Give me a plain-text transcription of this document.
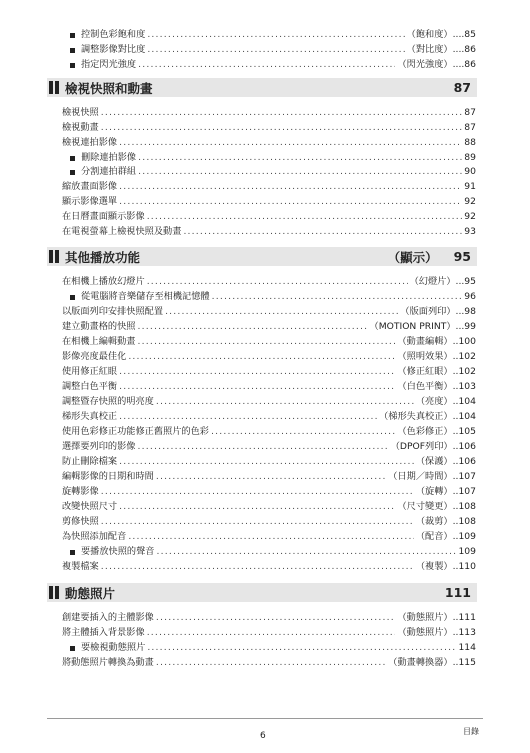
控制色彩飽和度 .....	（飽和度） .... 85
調整影像對比度 .....	（對比度） .... 86
指定閃光強度 .....	（閃光強度） .... 86
檢視快照和動畫	87
檢視快照 .....	87
檢視動畫 .....	87
檢視連拍影像 .....	88
刪除連拍影像 .....	89
分割連拍群組 .....	90
縮放畫面影像 .....	91
顯示影像選單 .....	92
在日曆畫面顯示影像 .....	92
在電視螢幕上檢視快照及動畫 .....	93
其他播放功能	（顯示） 95
在相機上播放幻燈片 .....	（幻燈片） ... 95
從電腦將音樂儲存至相機記憶體 .....	96
以版面列印安排快照配置 .....	（版面列印） ... 98
建立動畫格的快照 .....	（MOTION PRINT） ... 99
在相機上編輯動畫 .....	（動畫編輯） .. 100
影像亮度最佳化 .....	（照明效果） .. 102
使用修正紅眼 .....	（修正紅眼） .. 102
調整白色平衡 .....	（白色平衡） .. 103
調整暨存快照的明亮度 .....	（亮度） .. 104
梯形失真校正 .....	（梯形失真校正） .. 104
使用色彩修正功能修正舊照片的色彩 .....	（色彩修正） .. 105
選擇要列印的影像 .....	（DPOF列印） .. 106
防止刪除檔案 .....	（保護） .. 106
編輯影像的日期和時間 .....	（日期／時間） .. 107
旋轉影像 .....	（旋轉） .. 107
改變快照尺寸 .....	（尺寸變更） .. 108
剪修快照 .....	（裁剪） .. 108
為快照添加配音 .....	（配音） .. 109
要播放快照的聲音 .....	109
複製檔案 .....	（複製） .. 110
動態照片	111
創建要插入的主體影像 .....	（動態照片） .. 111
將主體插入背景影像 .....	（動態照片） .. 113
要檢視動態照片 .....	114
將動態照片轉換為動畫 .....	（動畫轉換器） .. 115
6	目錄
